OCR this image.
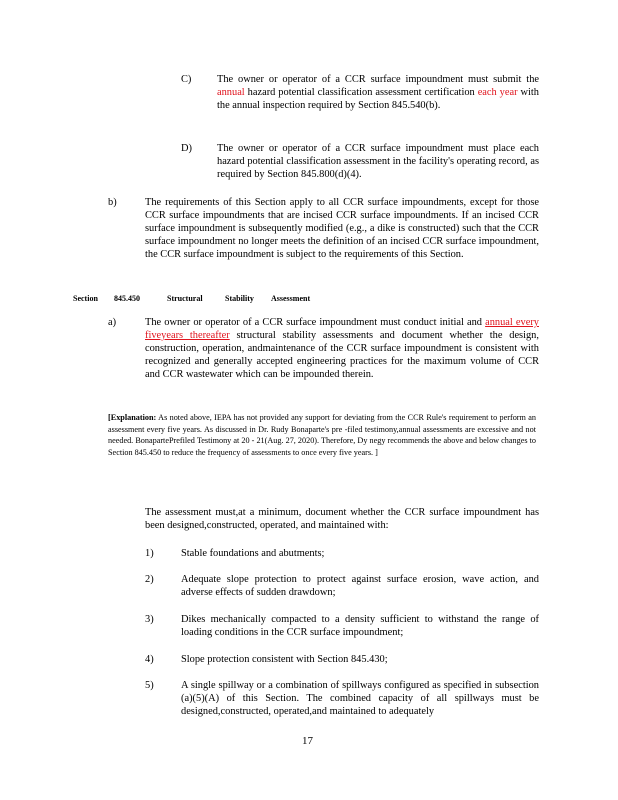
C) The owner or operator of a CCR surface impoundment must submit the annual hazard potential classification assessment certification each year with the annual inspection required by Section 845.540(b).
D) The owner or operator of a CCR surface impoundment must place each hazard potential classification assessment in the facility's operating record, as required by Section 845.800(d)(4).
b)	The requirements of this Section apply to all CCR surface impoundments, except for those CCR surface impoundments that are incised CCR surface impoundments. If an incised CCR surface impoundment is subsequently modified (e.g., a dike is constructed) such that the CCR surface impoundment no longer meets the definition of an incised CCR surface impoundment, the CCR surface impoundment is subject to the requirements of this Section.
Section 845.450	Structural	Stability Assessment
a)	The owner or operator of a CCR surface impoundment must conduct initial and annual every fiveyears thereafter structural stability assessments and document whether the design, construction, operation, andmaintenance of the CCR surface impoundment is consistent with recognized and generally accepted engineering practices for the maximum volume of CCR and CCR wastewater which can be impounded therein.
[Explanation: As noted above, IEPA has not provided any support for deviating from the CCR Rule's requirement to perform an assessment every five years. As discussed in Dr. Rudy Bonaparte's pre -filed testimony,annual assessments are excessive and not needed. BonapartePrefiled Testimony at 20 - 21(Aug. 27, 2020). Therefore, Dy negy recommends the above and below changes to Section 845.450 to reduce the frequency of assessments to once every five years. ]
The assessment must,at a minimum, document whether the CCR surface impoundment has been designed,constructed, operated, and maintained with:
1)	Stable foundations and abutments;
2)	Adequate slope protection to protect against surface erosion, wave action, and adverse effects of sudden drawdown;
3)	Dikes mechanically compacted to a density sufficient to withstand the range of loading conditions in the CCR surface impoundment;
4)	Slope protection consistent with Section 845.430;
5)	A single spillway or a combination of spillways configured as specified in subsection (a)(5)(A) of this Section. The combined capacity of all spillways must be designed,constructed, operated,and maintained to adequately
17
